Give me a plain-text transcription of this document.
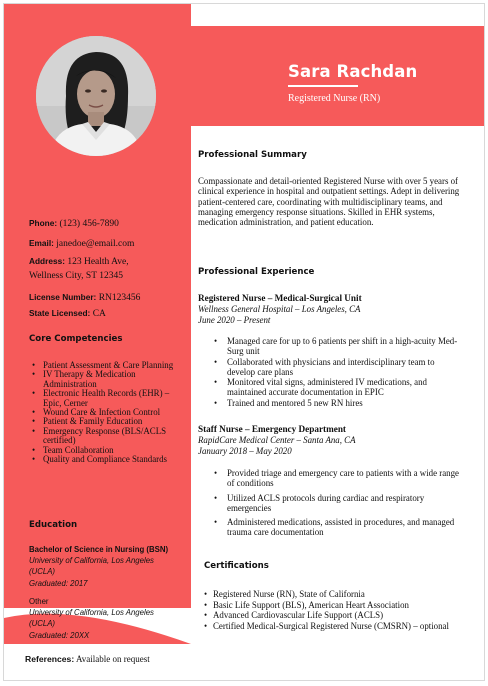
Sara Rachdan
Registered Nurse (RN)
Phone: (123) 456-7890
Email: janedoe@email.com
Address: 123 Health Ave,
Wellness City, ST 12345
License Number: RN123456
State Licensed: CA
Core Competencies
• Patient Assessment & Care Planning
• IV Therapy & Medication Administration
• Electronic Health Records (EHR) – Epic, Cerner
• Wound Care & Infection Control
• Patient & Family Education
• Emergency Response (BLS/ACLS certified)
• Team Collaboration
• Quality and Compliance Standards
Education
Bachelor of Science in Nursing (BSN)
University of California, Los Angeles (UCLA)
Graduated: 2017
Other
University of California, Los Angeles (UCLA)
Graduated: 20XX
References: Available on request
Professional Summary

Compassionate and detail-oriented Registered Nurse with over 5 years of clinical experience in hospital and outpatient settings. Adept in delivering patient-centered care, coordinating with multidisciplinary teams, and managing emergency response situations. Skilled in EHR systems, medication administration, and patient education.

Professional Experience
Registered Nurse – Medical-Surgical Unit
Wellness General Hospital – Los Angeles, CA
June 2020 – Present
• Managed care for up to 6 patients per shift in a high-acuity Med-Surg unit
• Collaborated with physicians and interdisciplinary team to develop care plans
• Monitored vital signs, administered IV medications, and maintained accurate documentation in EPIC
• Trained and mentored 5 new RN hires
Staff Nurse – Emergency Department
RapidCare Medical Center – Santa Ana, CA
January 2018 – May 2020
• Provided triage and emergency care to patients with a wide range of conditions
• Utilized ACLS protocols during cardiac and respiratory emergencies
• Administered medications, assisted in procedures, and managed trauma care documentation
Certifications
• Registered Nurse (RN), State of California
• Basic Life Support (BLS), American Heart Association
• Advanced Cardiovascular Life Support (ACLS)
• Certified Medical-Surgical Registered Nurse (CMSRN) – optional
